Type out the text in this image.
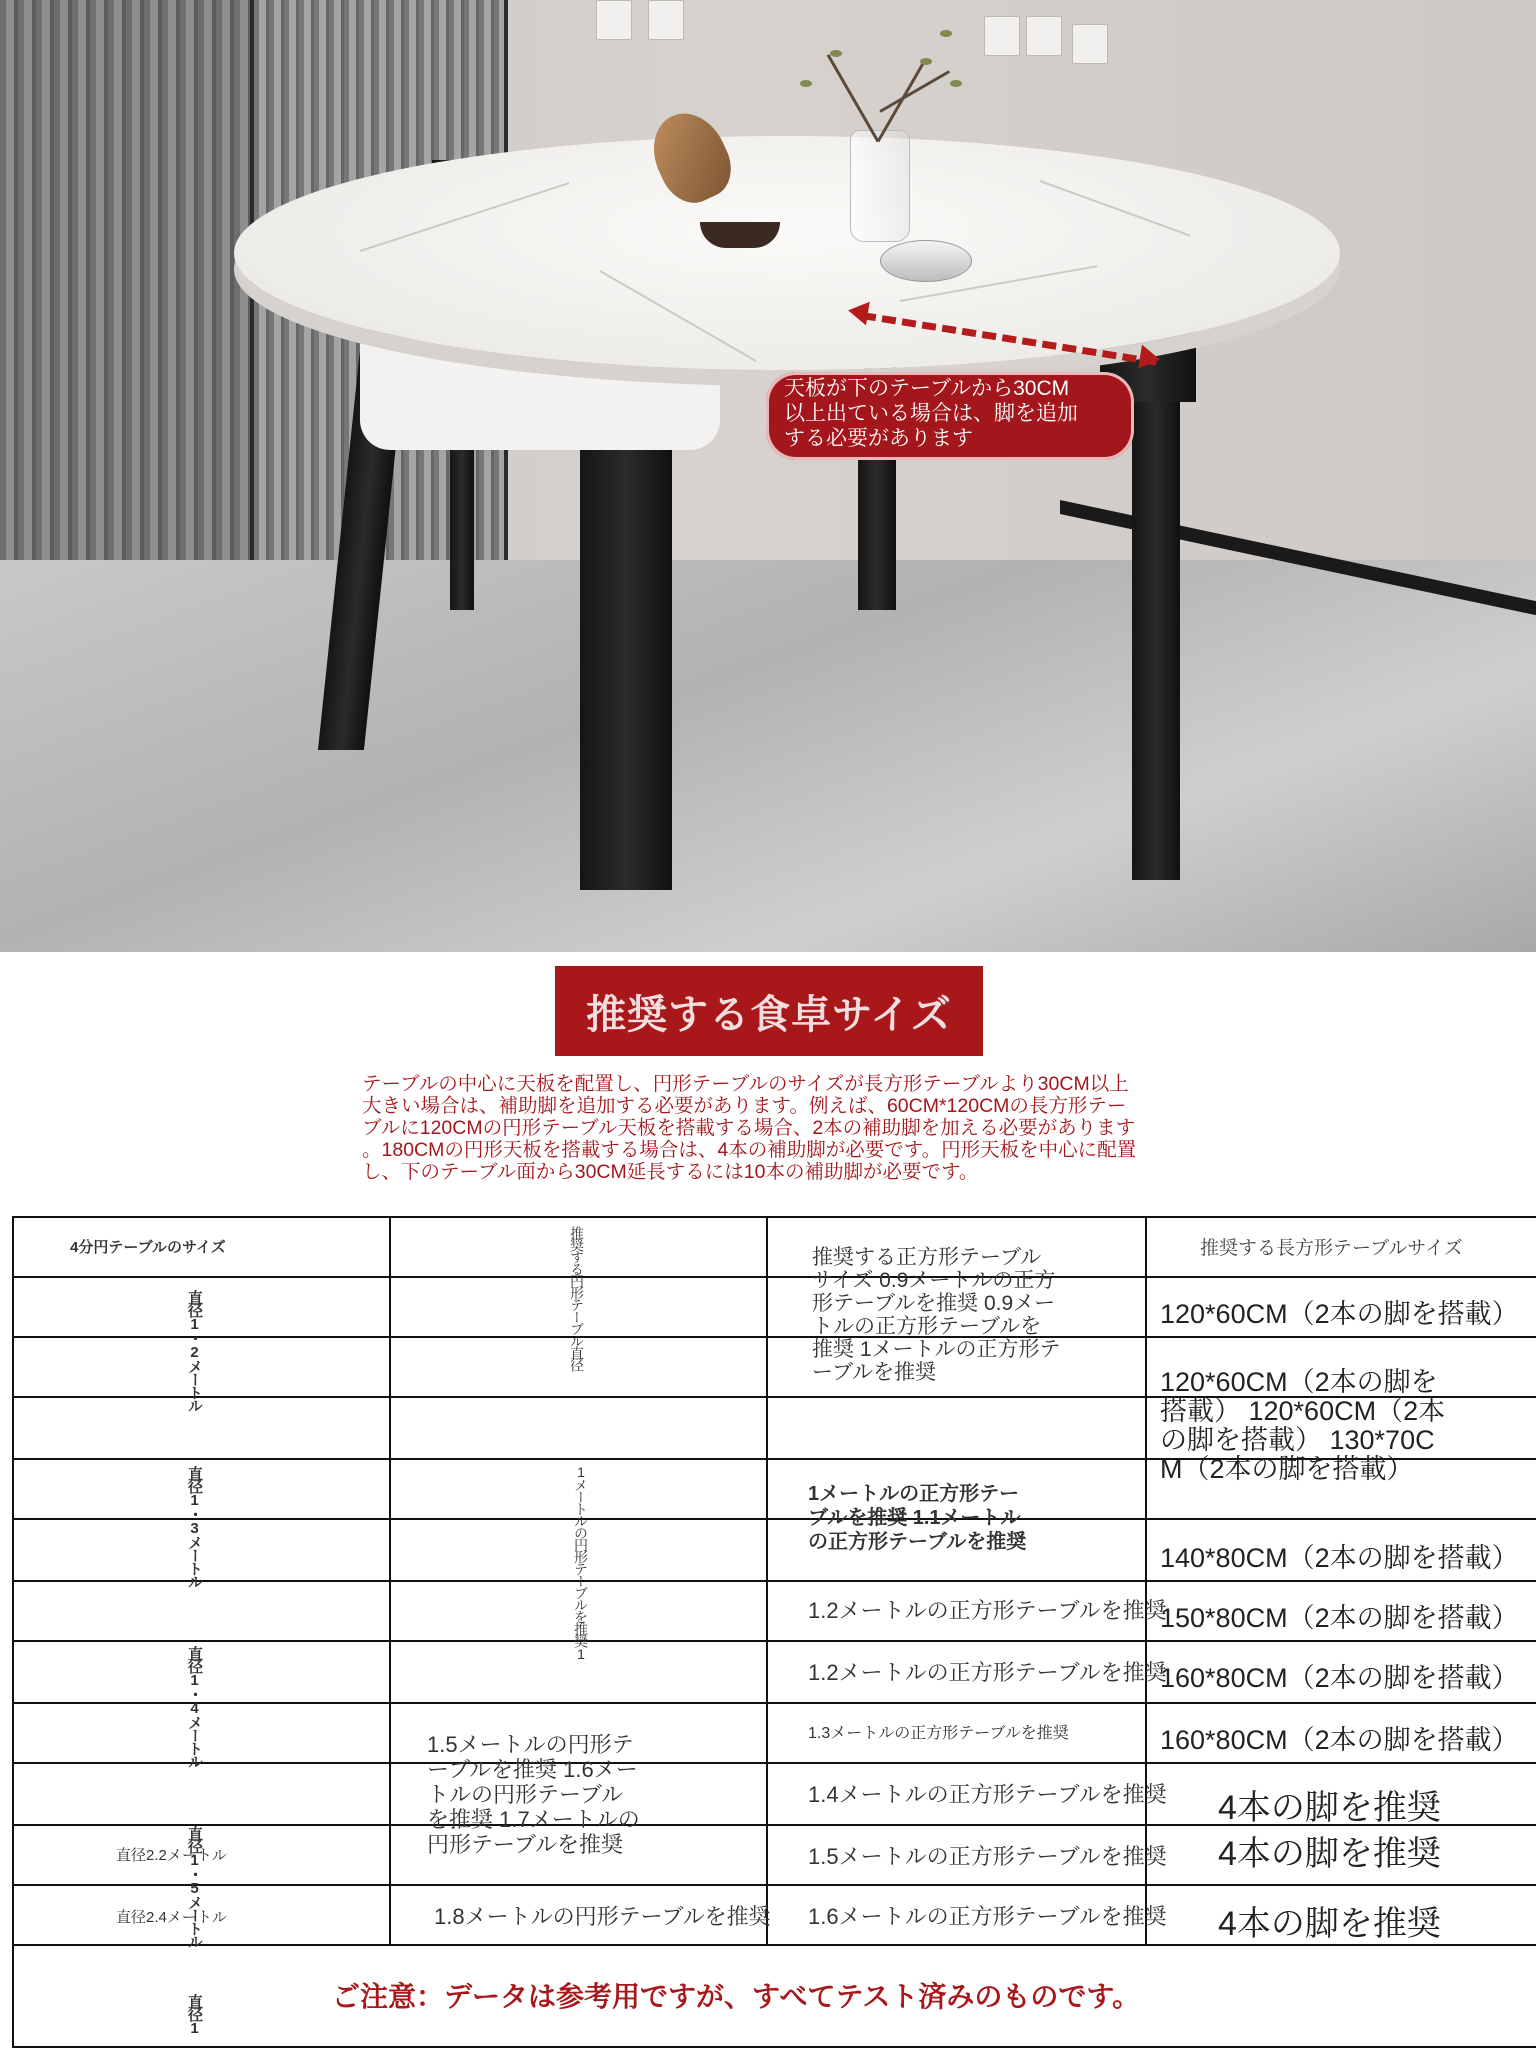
天板が下のテーブルから30CM
以上出ている場合は、脚を追加
する必要があります
推奨する食卓サイズ
テーブルの中心に天板を配置し、円形テーブルのサイズが長方形テーブルより30CM以上
大きい場合は、補助脚を追加する必要があります。例えば、60CM*120CMの長方形テー
ブルに120CMの円形テーブル天板を搭載する場合、2本の補助脚を加える必要があります
。180CMの円形天板を搭載する場合は、4本の補助脚が必要です。円形天板を中心に配置
し、下のテーブル面から30CM延長するには10本の補助脚が必要です。
4分円テーブルのサイズ	推奨する円形テーブル直径	推奨する正方形テーブルサイズ 0.9メートルの正方形テーブルを推奨 0.9メートルの正方形テーブルを推奨 1メートルの正方形テーブルを推奨
推奨する長方形テーブルサイズ
直径1・2メートル
直径1・3メートル
直径1・4メートル
直径1・5メートル
直径1
直径2.2メートル
直径2.4メートル
1メートルの円形テーブルを推奨1
1.5メートルの円形テ
ーブルを推奨 1.6メー
トルの円形テーブル
を推奨 1.7メートルの
円形テーブルを推奨
1.8メートルの円形テーブルを推奨
1メートルの正方形テー
ブルを推奨 1.1メートル
の正方形テーブルを推奨
1.2メートルの正方形テーブルを推奨
1.2メートルの正方形テーブルを推奨
1.3メートルの正方形テーブルを推奨
1.4メートルの正方形テーブルを推奨
1.5メートルの正方形テーブルを推奨
1.6メートルの正方形テーブルを推奨
120*60CM（2本の脚を搭載）
120*60CM（2本の脚を
搭載） 120*60CM（2本
の脚を搭載） 130*70C
M（2本の脚を搭載）
140*80CM（2本の脚を搭載）
150*80CM（2本の脚を搭載）
160*80CM（2本の脚を搭載）
160*80CM（2本の脚を搭載）
4本の脚を推奨
4本の脚を推奨
4本の脚を推奨
ご注意：データは参考用ですが、すべてテスト済みのものです。
